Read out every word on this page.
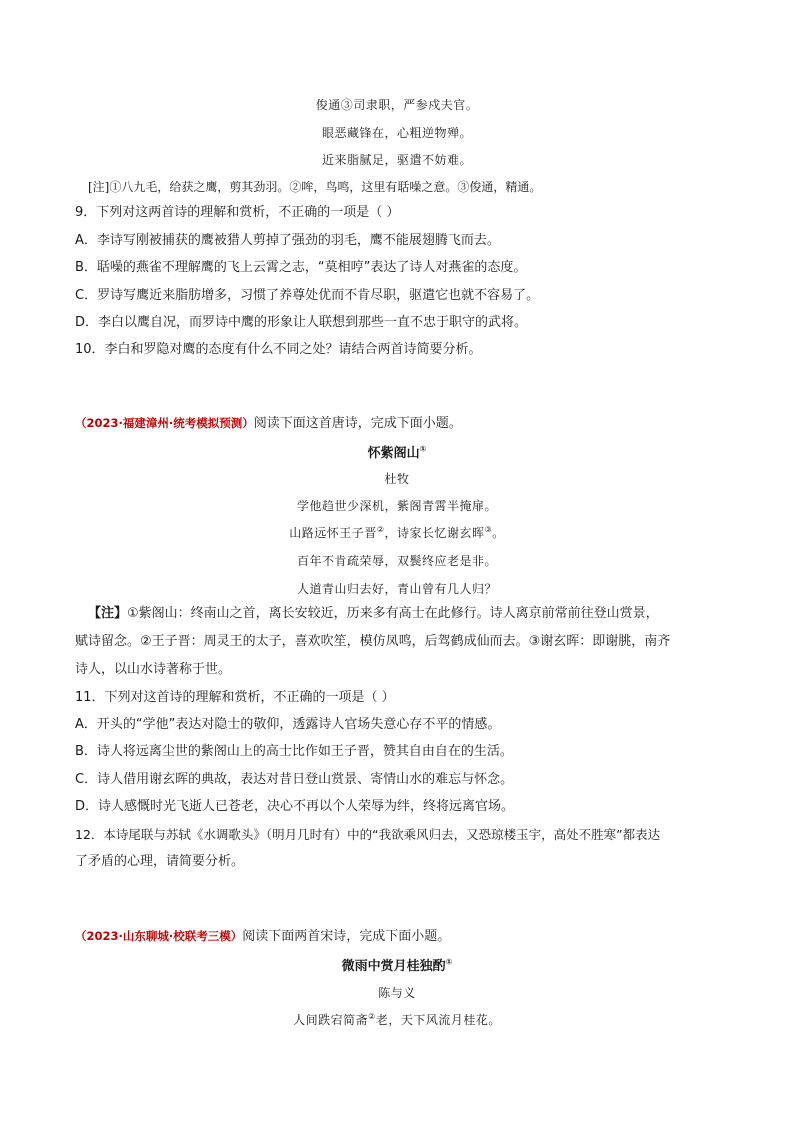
俊通③司隶职，严参戍夫官。
眼恶藏锋在，心粗逆物殚。
近来脂腻足，驱遣不妨难。
[注]①八九毛，给获之鹰，剪其劲羽。②哞，鸟鸣，这里有聒噪之意。③俊通，精通。
9．下列对这两首诗的理解和赏析，不正确的一项是（ ）
A．李诗写刚被捕获的鹰被猎人剪掉了强劲的羽毛，鹰不能展翅腾飞而去。
B．聒噪的燕雀不理解鹰的飞上云霄之志，“莫相哼”表达了诗人对燕雀的态度。
C．罗诗写鹰近来脂肪增多，习惯了养尊处优而不肯尽职，驱遣它也就不容易了。
D．李白以鹰自况，而罗诗中鹰的形象让人联想到那些一直不忠于职守的武将。
10．李白和罗隐对鹰的态度有什么不同之处？请结合两首诗简要分析。
（2023·福建漳州·统考模拟预测）阅读下面这首唐诗，完成下面小题。
怀紫阁山①
杜牧
学他趋世少深机，紫阁青霄半掩扉。
山路远怀王子晋②，诗家长忆谢玄晖③。
百年不肯疏荣辱，双鬓终应老是非。
人道青山归去好，青山曾有几人归？
【注】①紫阁山：终南山之首，离长安较近，历来多有高士在此修行。诗人离京前常前往登山赏景，
赋诗留念。②王子晋：周灵王的太子，喜欢吹笙，模仿凤鸣，后驾鹤成仙而去。③谢玄晖：即谢朓，南齐
诗人，以山水诗著称于世。
11．下列对这首诗的理解和赏析，不正确的一项是（ ）
A．开头的“学他”表达对隐士的敬仰，透露诗人官场失意心存不平的情感。
B．诗人将远离尘世的紫阁山上的高士比作如王子晋，赞其自由自在的生活。
C．诗人借用谢玄晖的典故，表达对昔日登山赏景、寄情山水的难忘与怀念。
D．诗人感慨时光飞逝人已苍老，决心不再以个人荣辱为绊，终将远离官场。
12．本诗尾联与苏轼《水调歌头》（明月几时有）中的“我欲乘风归去，又恐琼楼玉宇，高处不胜寒”都表达
了矛盾的心理，请简要分析。
（2023·山东聊城·校联考三模）阅读下面两首宋诗，完成下面小题。
微雨中赏月桂独酌①
陈与义
人间跌宕简斋②老，天下风流月桂花。
